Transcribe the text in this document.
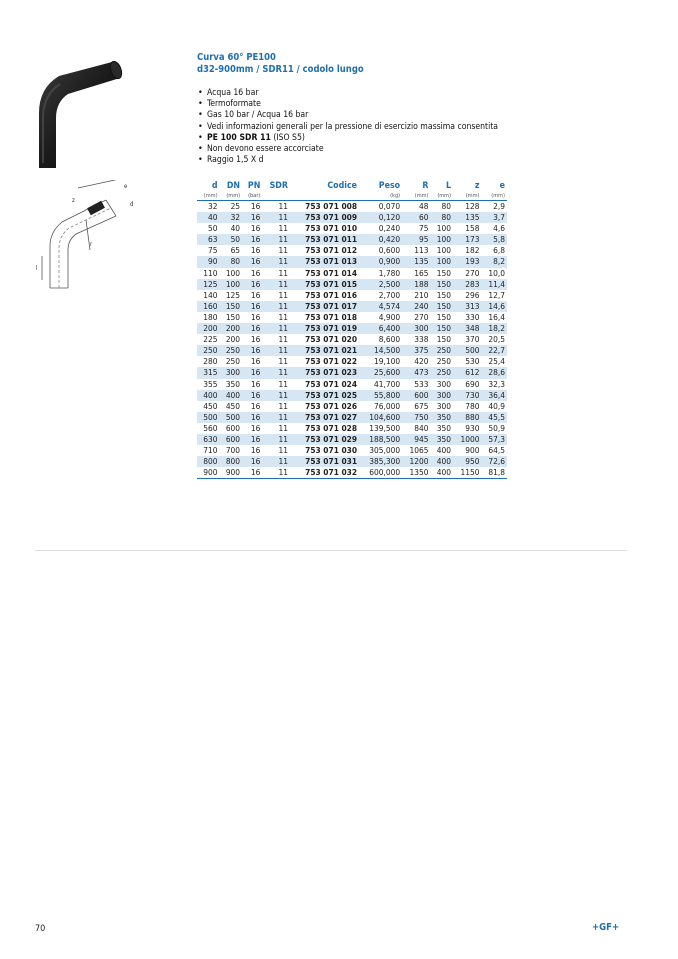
z
l
r
d
e
Curva 60° PE100
d32-900mm / SDR11 / codolo lungo
• Acqua 16 bar
• Termoformate
• Gas 10 bar / Acqua 16 bar
• Vedi informazioni generali per la pressione di esercizio massima consentita
• PE 100 SDR 11 (ISO S5)
• Non devono essere accorciate
• Raggio 1,5 X d
d	DN	PN	SDR	Codice	Peso	R	L	z	e
(mm)	(mm)	(bar)			(kg)	(mm)	(mm)	(mm)	(mm)
32	25	16	11	753 071 008	0,070	48	80	128	2,9
40	32	16	11	753 071 009	0,120	60	80	135	3,7
50	40	16	11	753 071 010	0,240	75	100	158	4,6
63	50	16	11	753 071 011	0,420	95	100	173	5,8
75	65	16	11	753 071 012	0,600	113	100	182	6,8
90	80	16	11	753 071 013	0,900	135	100	193	8,2
110	100	16	11	753 071 014	1,780	165	150	270	10,0
125	100	16	11	753 071 015	2,500	188	150	283	11,4
140	125	16	11	753 071 016	2,700	210	150	296	12,7
160	150	16	11	753 071 017	4,574	240	150	313	14,6
180	150	16	11	753 071 018	4,900	270	150	330	16,4
200	200	16	11	753 071 019	6,400	300	150	348	18,2
225	200	16	11	753 071 020	8,600	338	150	370	20,5
250	250	16	11	753 071 021	14,500	375	250	500	22,7
280	250	16	11	753 071 022	19,100	420	250	530	25,4
315	300	16	11	753 071 023	25,600	473	250	612	28,6
355	350	16	11	753 071 024	41,700	533	300	690	32,3
400	400	16	11	753 071 025	55,800	600	300	730	36,4
450	450	16	11	753 071 026	76,000	675	300	780	40,9
500	500	16	11	753 071 027	104,600	750	350	880	45,5
560	600	16	11	753 071 028	139,500	840	350	930	50,9
630	600	16	11	753 071 029	188,500	945	350	1000	57,3
710	700	16	11	753 071 030	305,000	1065	400	900	64,5
800	800	16	11	753 071 031	385,300	1200	400	950	72,6
900	900	16	11	753 071 032	600,000	1350	400	1150	81,8
70	+GF+
